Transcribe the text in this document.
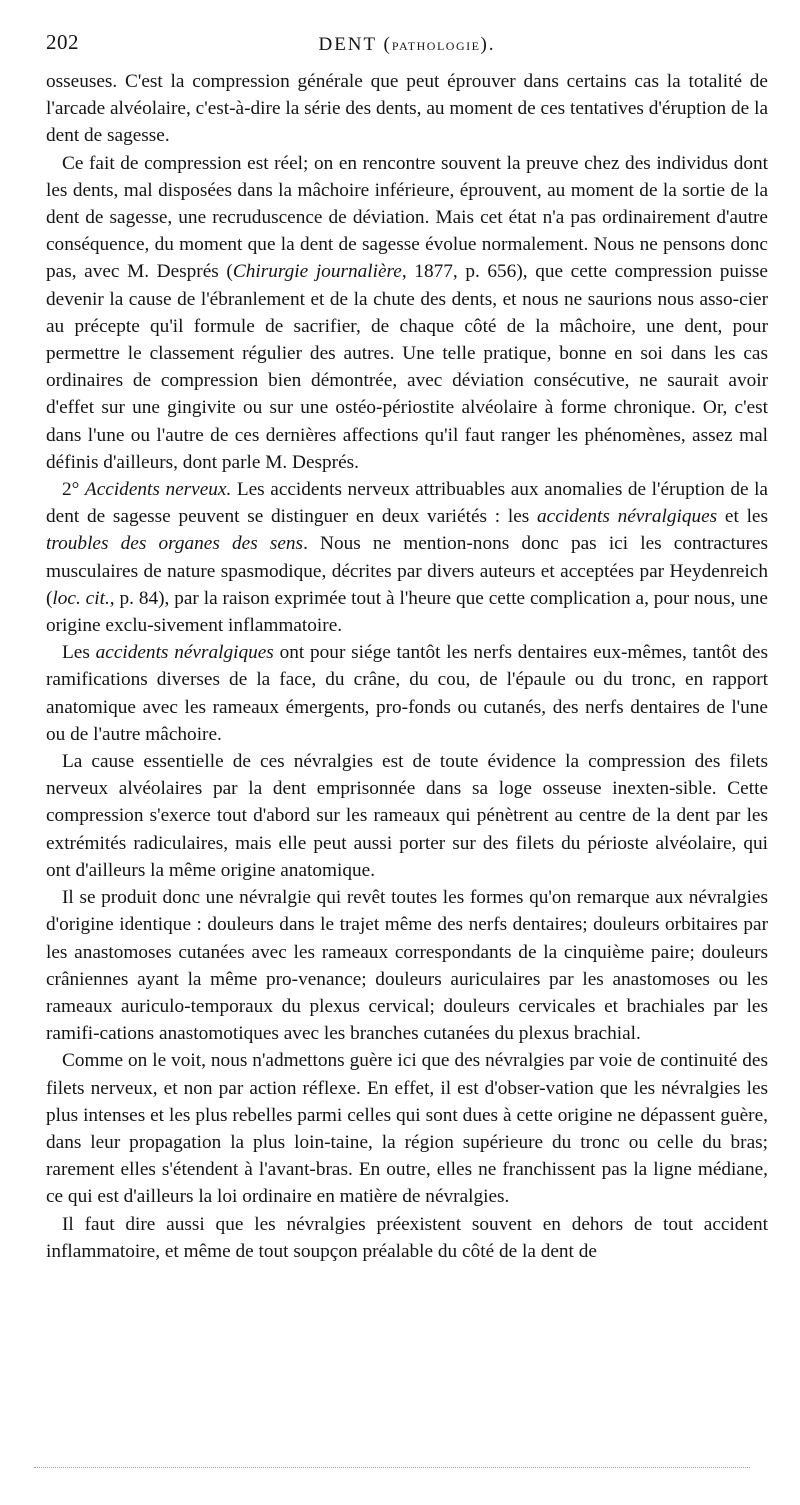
202	DENT (PATHOLOGIE).

osseuses. C'est la compression générale que peut éprouver dans certains cas la totalité de l'arcade alvéolaire, c'est-à-dire la série des dents, au moment de ces tentatives d'éruption de la dent de sagesse.

Ce fait de compression est réel; on en rencontre souvent la preuve chez des individus dont les dents, mal disposées dans la mâchoire inférieure, éprouvent, au moment de la sortie de la dent de sagesse, une recruduscence de déviation. Mais cet état n'a pas ordinairement d'autre conséquence, du moment que la dent de sagesse évolue normalement. Nous ne pensons donc pas, avec M. Després (Chirurgie journalière, 1877, p. 656), que cette compression puisse devenir la cause de l'ébranlement et de la chute des dents, et nous ne saurions nous asso-cier au précepte qu'il formule de sacrifier, de chaque côté de la mâchoire, une dent, pour permettre le classement régulier des autres. Une telle pratique, bonne en soi dans les cas ordinaires de compression bien démontrée, avec déviation consécutive, ne saurait avoir d'effet sur une gingivite ou sur une ostéo-périostite alvéolaire à forme chronique. Or, c'est dans l'une ou l'autre de ces dernières affections qu'il faut ranger les phénomènes, assez mal définis d'ailleurs, dont parle M. Després.

2° Accidents nerveux. Les accidents nerveux attribuables aux anomalies de l'éruption de la dent de sagesse peuvent se distinguer en deux variétés : les accidents névralgiques et les troubles des organes des sens. Nous ne mention-nons donc pas ici les contractures musculaires de nature spasmodique, décrites par divers auteurs et acceptées par Heydenreich (loc. cit., p. 84), par la raison exprimée tout à l'heure que cette complication a, pour nous, une origine exclu-sivement inflammatoire.

Les accidents névralgiques ont pour siége tantôt les nerfs dentaires eux-mêmes, tantôt des ramifications diverses de la face, du crâne, du cou, de l'épaule ou du tronc, en rapport anatomique avec les rameaux émergents, pro-fonds ou cutanés, des nerfs dentaires de l'une ou de l'autre mâchoire.

La cause essentielle de ces névralgies est de toute évidence la compression des filets nerveux alvéolaires par la dent emprisonnée dans sa loge osseuse inexten-sible. Cette compression s'exerce tout d'abord sur les rameaux qui pénètrent au centre de la dent par les extrémités radiculaires, mais elle peut aussi porter sur des filets du périoste alvéolaire, qui ont d'ailleurs la même origine anatomique.

Il se produit donc une névralgie qui revêt toutes les formes qu'on remarque aux névralgies d'origine identique : douleurs dans le trajet même des nerfs dentaires; douleurs orbitaires par les anastomoses cutanées avec les rameaux correspondants de la cinquième paire; douleurs crâniennes ayant la même pro-venance; douleurs auriculaires par les anastomoses ou les rameaux auriculo-temporaux du plexus cervical; douleurs cervicales et brachiales par les ramifi-cations anastomotiques avec les branches cutanées du plexus brachial.

Comme on le voit, nous n'admettons guère ici que des névralgies par voie de continuité des filets nerveux, et non par action réflexe. En effet, il est d'obser-vation que les névralgies les plus intenses et les plus rebelles parmi celles qui sont dues à cette origine ne dépassent guère, dans leur propagation la plus loin-taine, la région supérieure du tronc ou celle du bras; rarement elles s'étendent à l'avant-bras. En outre, elles ne franchissent pas la ligne médiane, ce qui est d'ailleurs la loi ordinaire en matière de névralgies.

Il faut dire aussi que les névralgies préexistent souvent en dehors de tout accident inflammatoire, et même de tout soupçon préalable du côté de la dent de
